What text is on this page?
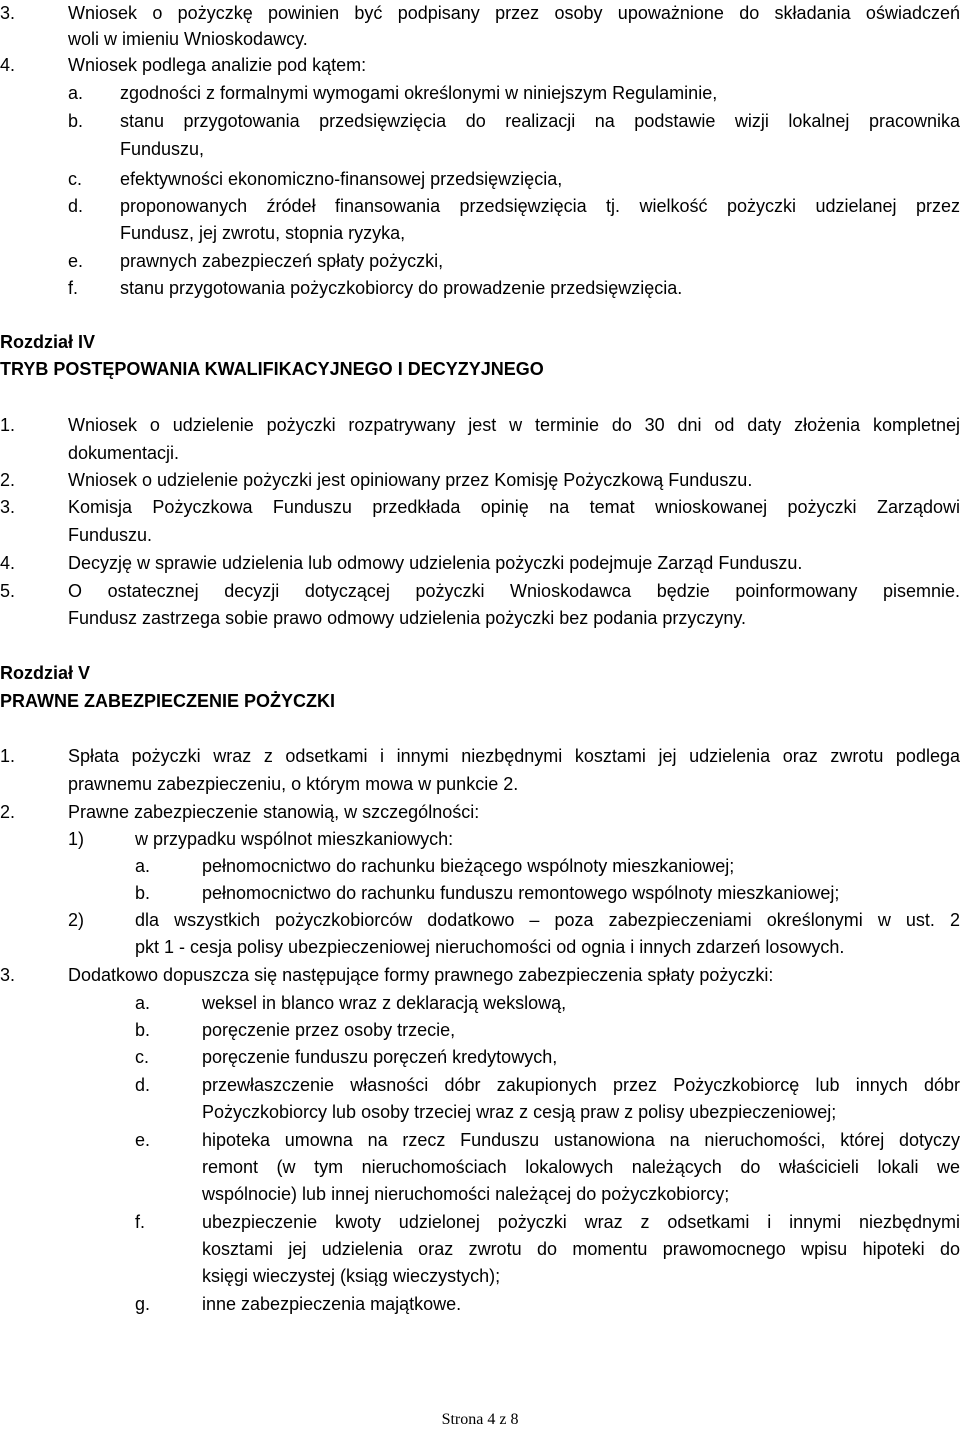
3.	Wniosek o pożyczkę powinien być podpisany przez osoby upoważnione do składania oświadczeń
woli w imieniu Wnioskodawcy.
4.	Wniosek podlega analizie pod kątem:
a. zgodności z formalnymi wymogami określonymi w niniejszym Regulaminie,
b. stanu przygotowania przedsięwzięcia do realizacji na podstawie wizji lokalnej pracownika
Funduszu,
c. efektywności ekonomiczno-finansowej przedsięwzięcia,
d. proponowanych źródeł finansowania przedsięwzięcia tj. wielkość pożyczki udzielanej przez
Fundusz, jej zwrotu, stopnia ryzyka,
e. prawnych zabezpieczeń spłaty pożyczki,
f. stanu przygotowania pożyczkobiorcy do prowadzenie przedsięwzięcia.
Rozdział IV
TRYB POSTĘPOWANIA KWALIFIKACYJNEGO I DECYZYJNEGO
1.	Wniosek o udzielenie pożyczki rozpatrywany jest w terminie do 30 dni od daty złożenia kompletnej
dokumentacji.
2.	Wniosek o udzielenie pożyczki jest opiniowany przez Komisję Pożyczkową Funduszu.
3.	Komisja Pożyczkowa Funduszu przedkłada opinię na temat wnioskowanej pożyczki Zarządowi
Funduszu.
4.	Decyzję w sprawie udzielenia lub odmowy udzielenia pożyczki podejmuje Zarząd Funduszu.
5.	O ostatecznej decyzji dotyczącej pożyczki Wnioskodawca będzie poinformowany pisemnie.
Fundusz zastrzega sobie prawo odmowy udzielenia pożyczki bez podania przyczyny.
Rozdział V
PRAWNE ZABEZPIECZENIE POŻYCZKI
1.	Spłata pożyczki wraz z odsetkami i innymi niezbędnymi kosztami jej udzielenia oraz zwrotu podlega
prawnemu zabezpieczeniu, o którym mowa w punkcie 2.
2.	Prawne zabezpieczenie stanowią, w szczególności:
1)	w przypadku wspólnot mieszkaniowych:
a.	pełnomocnictwo do rachunku bieżącego wspólnoty mieszkaniowej;
b.	pełnomocnictwo do rachunku funduszu remontowego wspólnoty mieszkaniowej;
2)	dla wszystkich pożyczkobiorców dodatkowo – poza zabezpieczeniami określonymi w ust. 2
pkt 1 - cesja polisy ubezpieczeniowej nieruchomości od ognia i innych zdarzeń losowych.
3.	Dodatkowo dopuszcza się następujące formy prawnego zabezpieczenia spłaty pożyczki:
a.	weksel in blanco wraz z deklaracją wekslową,
b.	poręczenie przez osoby trzecie,
c.	poręczenie funduszu poręczeń kredytowych,
d.	przewłaszczenie własności dóbr zakupionych przez Pożyczkobiorcę lub innych dóbr
Pożyczkobiorcy lub osoby trzeciej wraz z cesją praw z polisy ubezpieczeniowej;
e.	hipoteka umowna na rzecz Funduszu ustanowiona na nieruchomości, której dotyczy
remont (w tym nieruchomościach lokalowych należących do właścicieli lokali we
wspólnocie) lub innej nieruchomości należącej do pożyczkobiorcy;
f.	ubezpieczenie kwoty udzielonej pożyczki wraz z odsetkami i innymi niezbędnymi
kosztami jej udzielenia oraz zwrotu do momentu prawomocnego wpisu hipoteki do
księgi wieczystej (ksiąg wieczystych);
g.	inne zabezpieczenia majątkowe.
Strona 4 z 8
